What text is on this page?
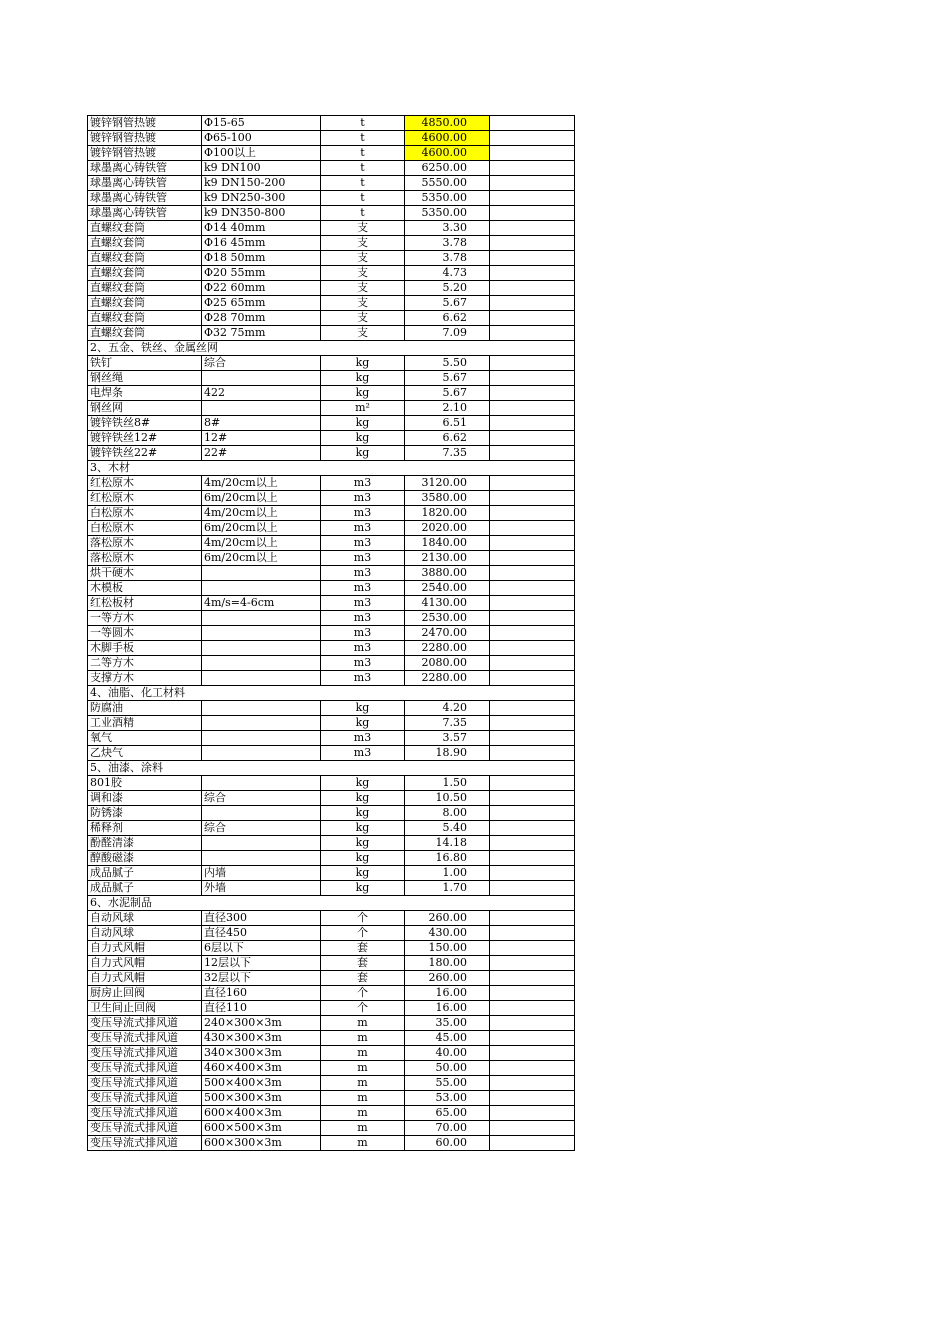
镀锌钢管热镀	Φ15-65	t	4850.00	
镀锌钢管热镀	Φ65-100	t	4600.00	
镀锌钢管热镀	Φ100以上	t	4600.00	
球墨离心铸铁管	k9 DN100	t	6250.00	
球墨离心铸铁管	k9 DN150-200	t	5550.00	
球墨离心铸铁管	k9 DN250-300	t	5350.00	
球墨离心铸铁管	k9 DN350-800	t	5350.00	
直螺纹套筒	Φ14 40mm	支	3.30	
直螺纹套筒	Φ16 45mm	支	3.78	
直螺纹套筒	Φ18 50mm	支	3.78	
直螺纹套筒	Φ20 55mm	支	4.73	
直螺纹套筒	Φ22 60mm	支	5.20	
直螺纹套筒	Φ25 65mm	支	5.67	
直螺纹套筒	Φ28 70mm	支	6.62	
直螺纹套筒	Φ32 75mm	支	7.09	
2、五金、铁丝、金属丝网				
铁钉	综合	kg	5.50	
钢丝绳		kg	5.67	
电焊条	422	kg	5.67	
钢丝网		m²	2.10	
镀锌铁丝8#	8#	kg	6.51	
镀锌铁丝12#	12#	kg	6.62	
镀锌铁丝22#	22#	kg	7.35	
3、木材				
红松原木	4m/20cm以上	m3	3120.00	
红松原木	6m/20cm以上	m3	3580.00	
白松原木	4m/20cm以上	m3	1820.00	
白松原木	6m/20cm以上	m3	2020.00	
落松原木	4m/20cm以上	m3	1840.00	
落松原木	6m/20cm以上	m3	2130.00	
烘干硬木		m3	3880.00	
木模板		m3	2540.00	
红松板材	4m/s=4-6cm	m3	4130.00	
一等方木		m3	2530.00	
一等圆木		m3	2470.00	
木脚手板		m3	2280.00	
二等方木		m3	2080.00	
支撑方木		m3	2280.00	
4、油脂、化工材料				
防腐油		kg	4.20	
工业酒精		kg	7.35	
氧气		m3	3.57	
乙炔气		m3	18.90	
5、油漆、涂料				
801胶		kg	1.50	
调和漆	综合	kg	10.50	
防锈漆		kg	8.00	
稀释剂	综合	kg	5.40	
酚醛清漆		kg	14.18	
醇酸磁漆		kg	16.80	
成品腻子	内墙	kg	1.00	
成品腻子	外墙	kg	1.70	
6、水泥制品				
自动风球	直径300	个	260.00	
自动风球	直径450	个	430.00	
自力式风帽	6层以下	套	150.00	
自力式风帽	12层以下	套	180.00	
自力式风帽	32层以下	套	260.00	
厨房止回阀	直径160	个	16.00	
卫生间止回阀	直径110	个	16.00	
变压导流式排风道	240×300×3m	m	35.00	
变压导流式排风道	430×300×3m	m	45.00	
变压导流式排风道	340×300×3m	m	40.00	
变压导流式排风道	460×400×3m	m	50.00	
变压导流式排风道	500×400×3m	m	55.00	
变压导流式排风道	500×300×3m	m	53.00	
变压导流式排风道	600×400×3m	m	65.00	
变压导流式排风道	600×500×3m	m	70.00	
变压导流式排风道	600×300×3m	m	60.00	
